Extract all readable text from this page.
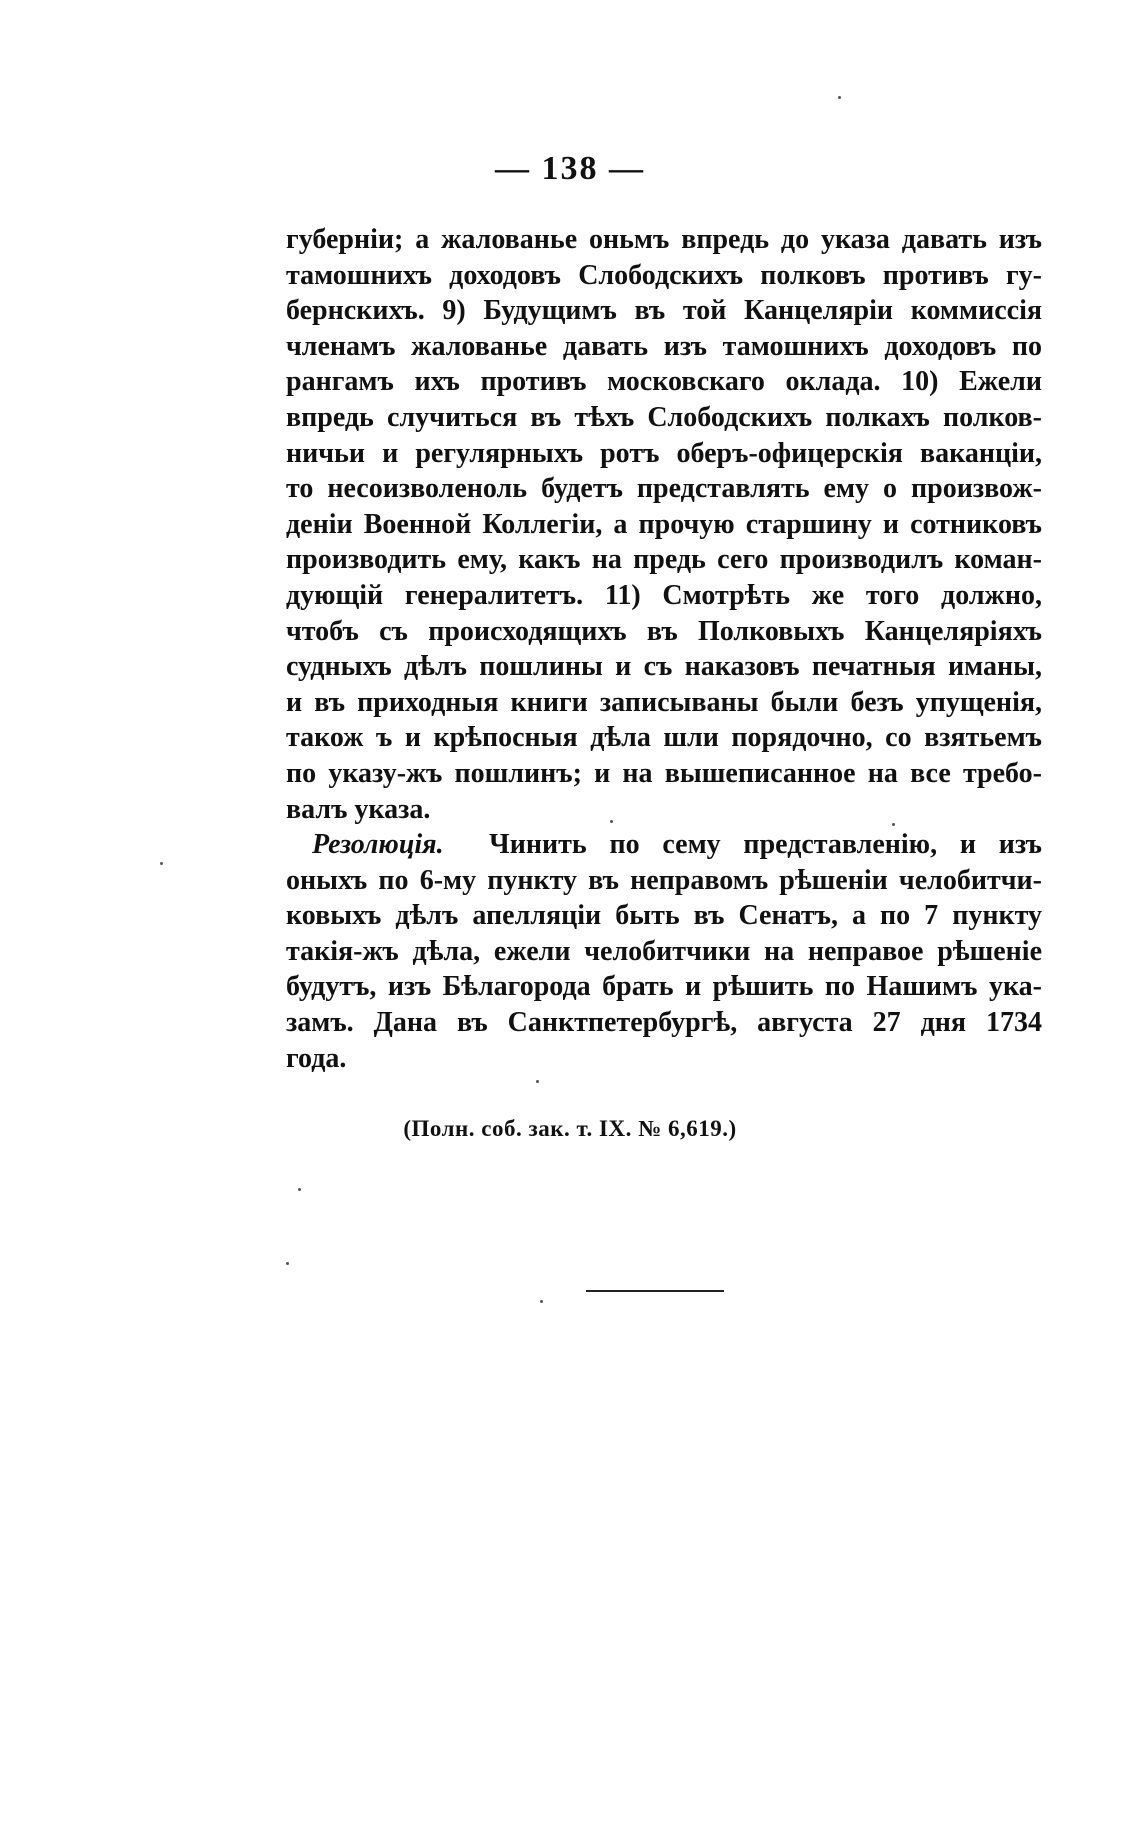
— 138 —
губерніи; а жалованье оньмъ впредь до указа давать изъ
тамошнихъ доходовъ Слободскихъ полковъ противъ гу-
бернскихъ. 9) Будущимъ въ той Канцеляріи коммиссія
членамъ жалованье давать изъ тамошнихъ доходовъ по
рангамъ ихъ противъ московскаго оклада. 10) Ежели
впредь случиться въ тѣхъ Слободскихъ полкахъ полков-
ничьи и регулярныхъ ротъ оберъ-офицерскія ваканціи,
то несоизволеноль будетъ представлять ему о произвож-
деніи Военной Коллегіи, а прочую старшину и сотниковъ
производить ему, какъ на предь сего производилъ коман-
дующій генералитетъ. 11) Смотрѣть же того должно,
чтобъ съ происходящихъ въ Полковыхъ Канцеляріяхъ
судныхъ дѣлъ пошлины и съ наказовъ печатныя иманы,
и въ приходныя книги записываны были безъ упущенія,
також ъ и крѣпосныя дѣла шли порядочно, со взятьемъ
по указу-жъ пошлинъ; и на вышеписанное на все требо-
валъ указа.
Резолюція. Чинить по сему представленію, и изъ
оныхъ по 6-му пункту въ неправомъ рѣшеніи челобитчи-
ковыхъ дѣлъ апелляціи быть въ Сенатъ, а по 7 пункту
такія-жъ дѣла, ежели челобитчики на неправое рѣшеніе
будутъ, изъ Бѣлагорода брать и рѣшить по Нашимъ ука-
замъ. Дана въ Санктпетербургѣ, августа 27 дня 1734
года.
(Полн. соб. зак. т. IX. № 6,619.)
